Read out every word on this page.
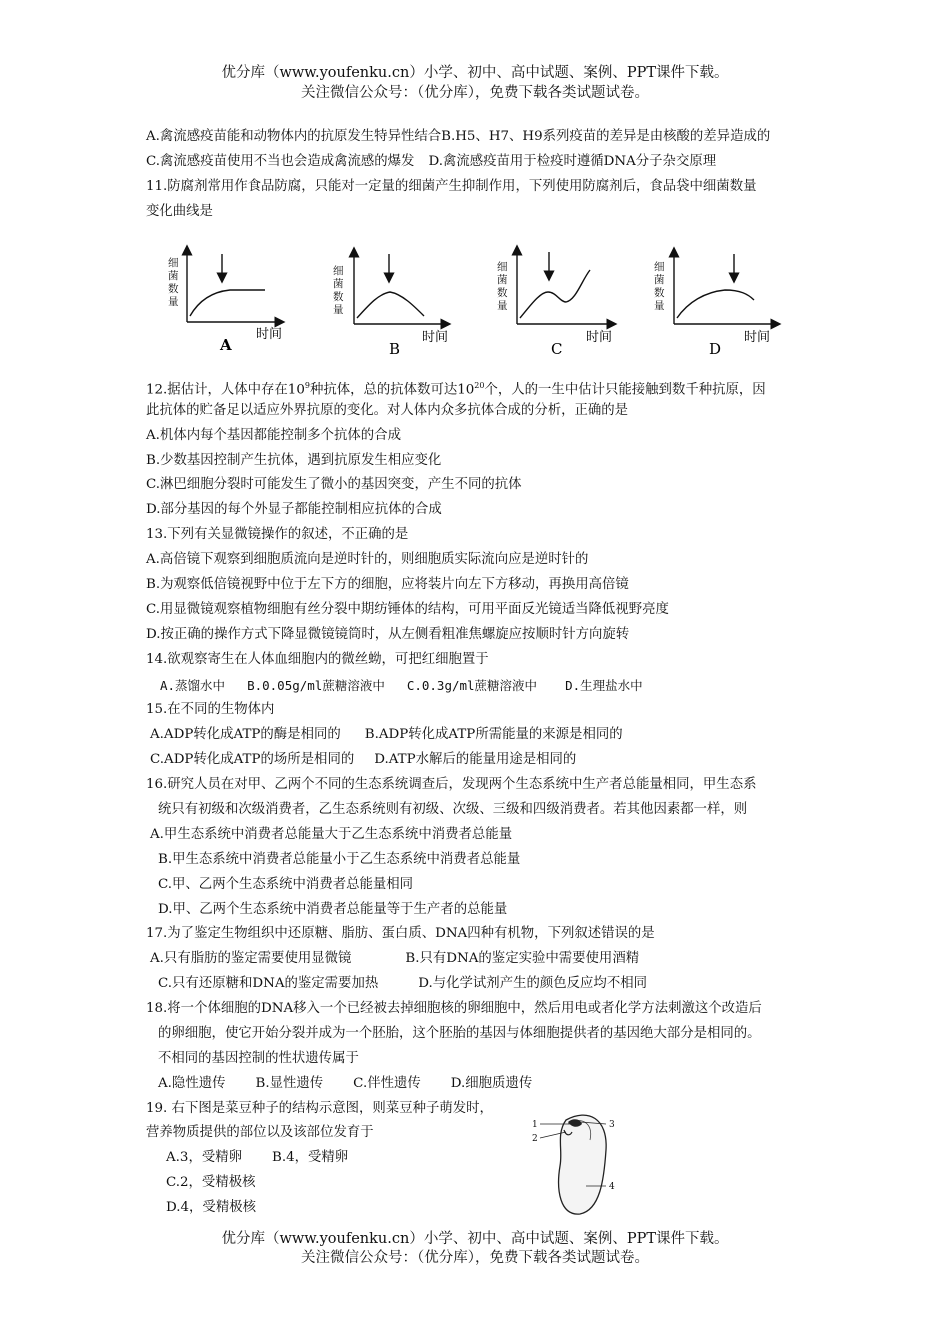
优分库（www.youfenku.cn）小学、初中、高中试题、案例、PPT课件下载。
关注微信公众号：（优分库），免费下载各类试题试卷。
A.禽流感疫苗能和动物体内的抗原发生特异性结合B.H5、H7、H9系列疫苗的差异是由核酸的差异造成的
C.禽流感疫苗使用不当也会造成禽流感的爆发 D.禽流感疫苗用于检疫时遵循DNA分子杂交原理
11.防腐剂常用作食品防腐，只能对一定量的细菌产生抑制作用，下列使用防腐剂后，食品袋中细菌数量
变化曲线是
细
菌
数
量
时间
A
细
菌
数
量
时间
B
细
菌
数
量
时间
C
细
菌
数
量
时间
D
12.据估计，人体中存在$10^9$种抗体，总的抗体数可达$10^{20}$个，人的一生中估计只能接触到数千种抗原，因
此抗体的贮备足以适应外界抗原的变化。对人体内众多抗体合成的分析，正确的是
A.机体内每个基因都能控制多个抗体的合成
B.少数基因控制产生抗体，遇到抗原发生相应变化
C.淋巴细胞分裂时可能发生了微小的基因突变，产生不同的抗体
D.部分基因的每个外显子都能控制相应抗体的合成
13.下列有关显微镜操作的叙述，不正确的是
A.高倍镜下观察到细胞质流向是逆时针的，则细胞质实际流向应是逆时针的
B.为观察低倍镜视野中位于左下方的细胞，应将装片向左下方移动，再换用高倍镜
C.用显微镜观察植物细胞有丝分裂中期纺锤体的结构，可用平面反光镜适当降低视野亮度
D.按正确的操作方式下降显微镜镜筒时，从左侧看粗准焦螺旋应按顺时针方向旋转
14.欲观察寄生在人体血细胞内的微丝蚴，可把红细胞置于
A.蒸馏水中 B.0.05g/ml蔗糖溶液中 C.0.3g/ml蔗糖溶液中 D.生理盐水中
15.在不同的生物体内
A.ADP转化成ATP的酶是相同的 B.ADP转化成ATP所需能量的来源是相同的
C.ADP转化成ATP的场所是相同的 D.ATP水解后的能量用途是相同的
16.研究人员在对甲、乙两个不同的生态系统调查后，发现两个生态系统中生产者总能量相同，甲生态系
统只有初级和次级消费者，乙生态系统则有初级、次级、三级和四级消费者。若其他因素都一样，则
A.甲生态系统中消费者总能量大于乙生态系统中消费者总能量
B.甲生态系统中消费者总能量小于乙生态系统中消费者总能量
C.甲、乙两个生态系统中消费者总能量相同
D.甲、乙两个生态系统中消费者总能量等于生产者的总能量
17.为了鉴定生物组织中还原糖、脂肪、蛋白质、DNA四种有机物，下列叙述错误的是
A.只有脂肪的鉴定需要使用显微镜	B.只有DNA的鉴定实验中需要使用酒精
C.只有还原糖和DNA的鉴定需要加热	D.与化学试剂产生的颜色反应均不相同
18.将一个体细胞的DNA移入一个已经被去掉细胞核的卵细胞中，然后用电或者化学方法刺激这个改造后
的卵细胞，使它开始分裂并成为一个胚胎，这个胚胎的基因与体细胞提供者的基因绝大部分是相同的。
不相同的基因控制的性状遗传属于
A.隐性遗传 B.显性遗传 C.伴性遗传 D.细胞质遗传
19. 右下图是菜豆种子的结构示意图，则菜豆种子萌发时，
营养物质提供的部位以及该部位发育于
A.3，受精卵 B.4，受精卵
C.2，受精极核
D.4，受精极核
1
2
3
4
优分库（www.youfenku.cn）小学、初中、高中试题、案例、PPT课件下载。
关注微信公众号：（优分库），免费下载各类试题试卷。
